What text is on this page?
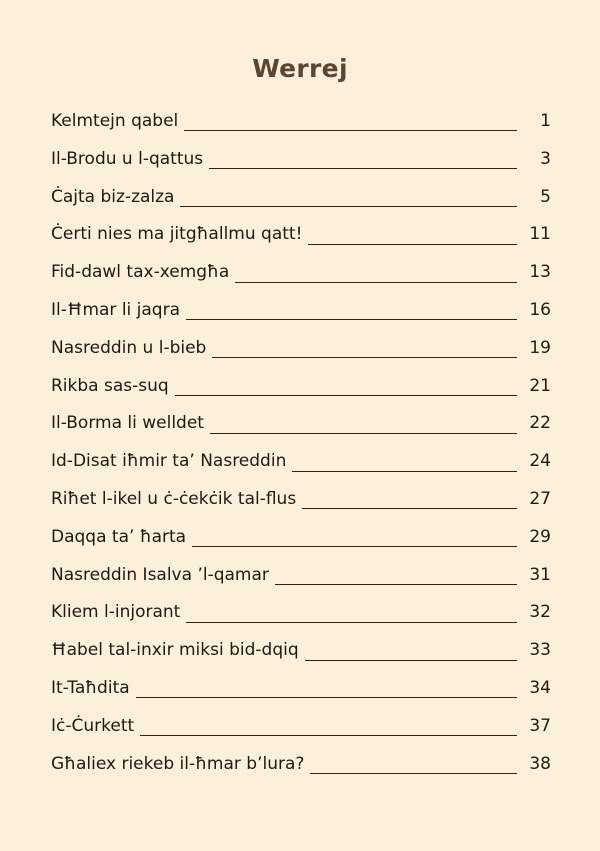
Werrej
Kelmtejn qabel	1
Il-Brodu u l-qattus	3
Ċajta biz-zalza	5
Ċerti nies ma jitgħallmu qatt!	11
Fid-dawl tax-xemgħa	13
Il-Ħmar li jaqra	16
Nasreddin u l-bieb	19
Rikba sas-suq	21
Il-Borma li welldet	22
Id-Disat iħmir ta’ Nasreddin	24
Riħet l-ikel u ċ-ċekċik tal-flus	27
Daqqa ta’ ħarta	29
Nasreddin Isalva ’l-qamar	31
Kliem l-injorant	32
Ħabel tal-inxir miksi bid-dqiq	33
It-Taħdita	34
Iċ-Ċurkett	37
Għaliex riekeb il-ħmar b’lura?	38
